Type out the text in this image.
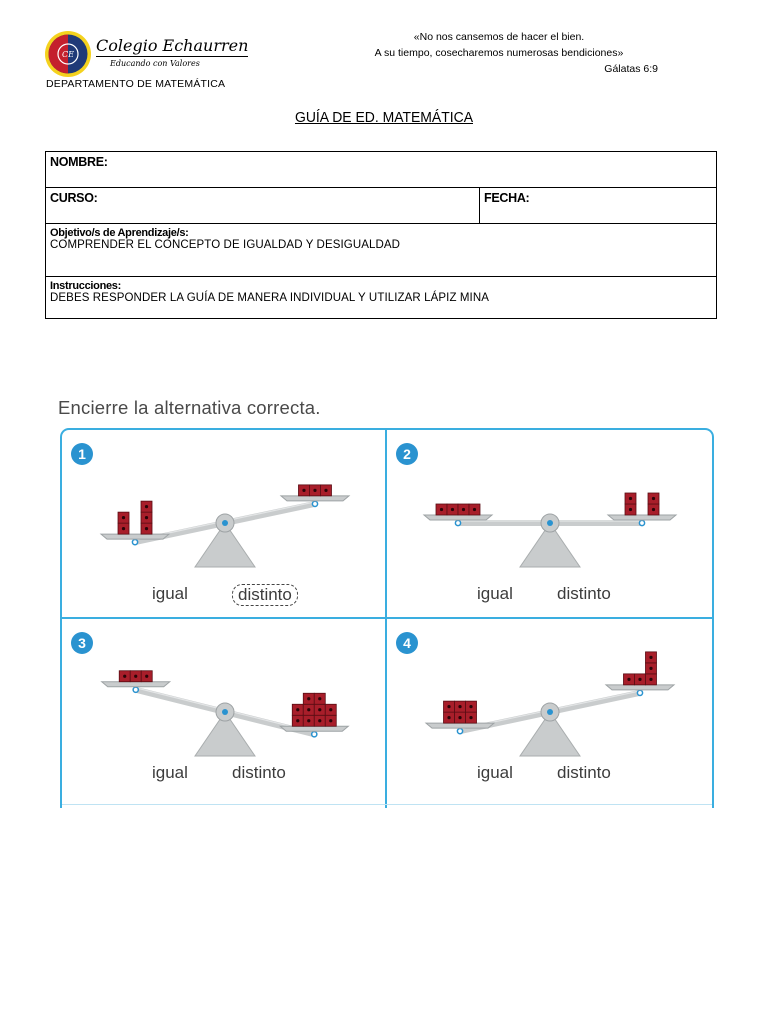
CE Colegio Echaurren
Educando con Valores
DEPARTAMENTO DE MATEMÁTICA
«No nos cansemos de hacer el bien.
A su tiempo, cosecharemos numerosas bendiciones»
Gálatas 6:9
GUÍA DE ED. MATEMÁTICA
NOMBRE:
CURSO:	FECHA:

Objetivo/s de Aprendizaje/s:
COMPRENDER EL CONCEPTO DE IGUALDAD Y DESIGUALDAD

Instrucciones:
DEBES RESPONDER LA GUÍA DE MANERA INDIVIDUAL Y UTILIZAR LÁPIZ MINA
Encierre la alternativa correcta.
1
igual	distinto
2
igual	distinto
3
igual	distinto
4
igual	distinto
